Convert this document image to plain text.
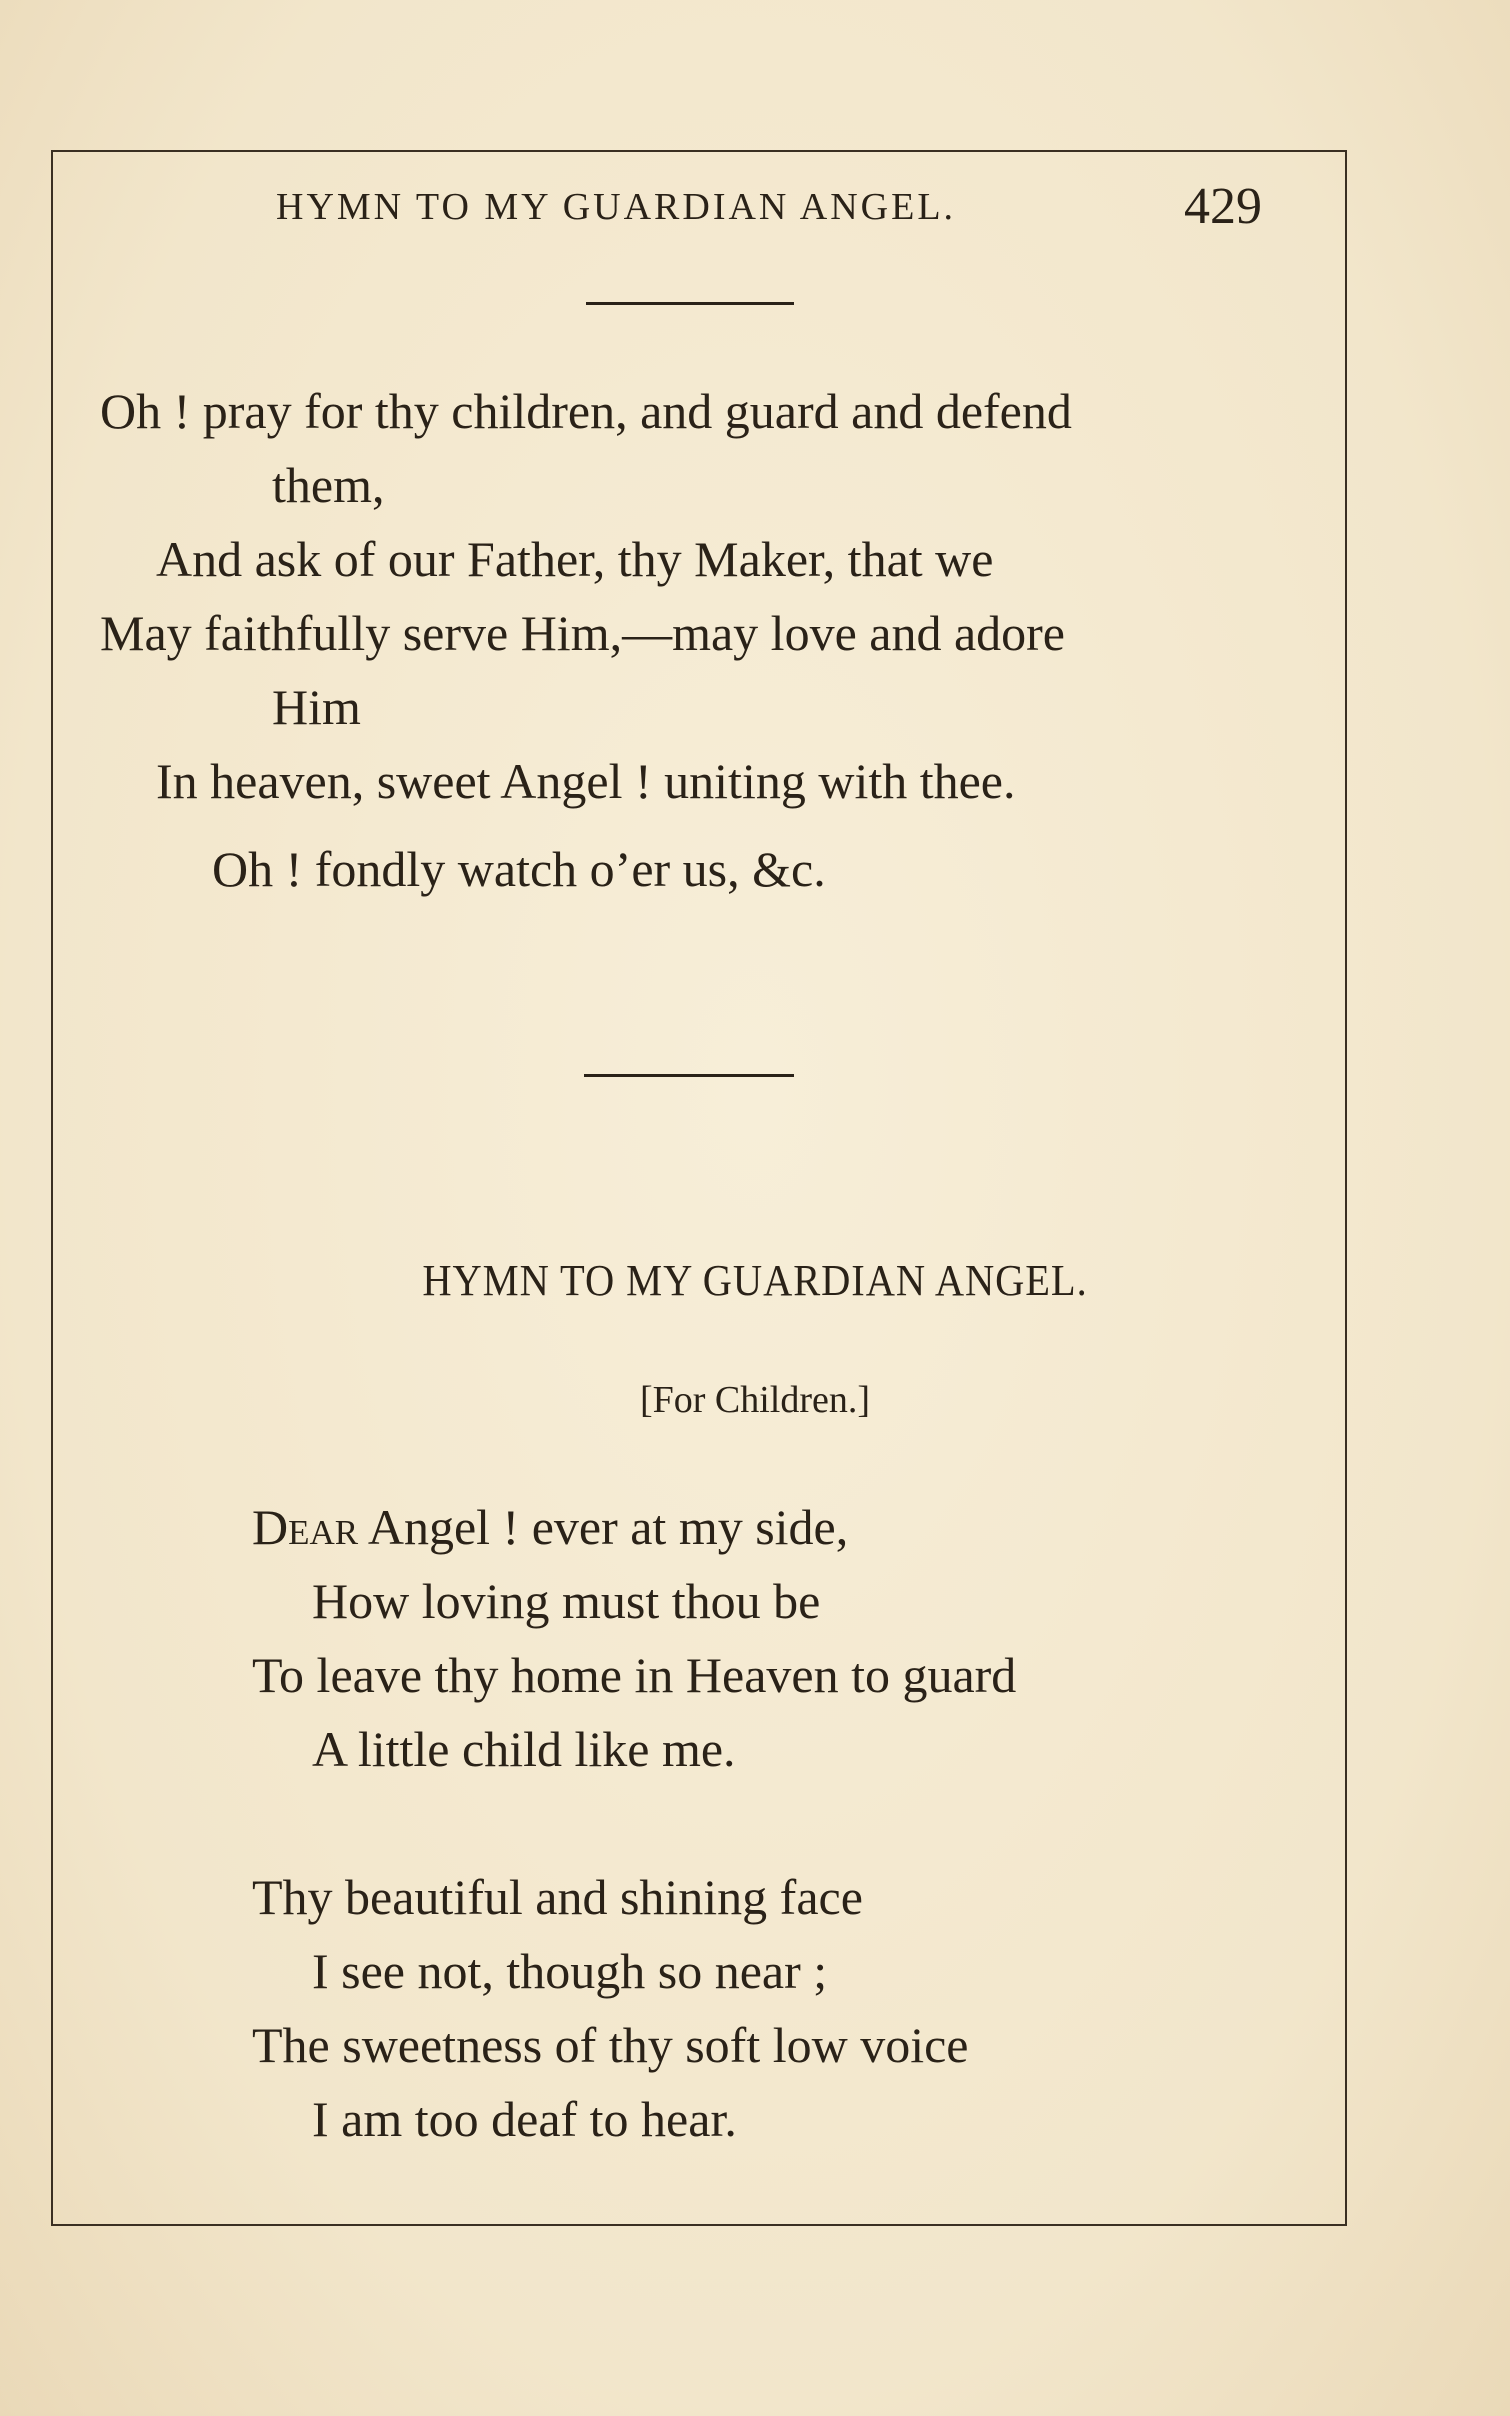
HYMN TO MY GUARDIAN ANGEL.	429
Oh ! pray for thy children, and guard and defend
them,
And ask of our Father, thy Maker, that we
May faithfully serve Him,—may love and adore
Him
In heaven, sweet Angel ! uniting with thee.
Oh ! fondly watch o’er us, &c.
HYMN TO MY GUARDIAN ANGEL.
[For Children.]
Dear Angel ! ever at my side,
How loving must thou be
To leave thy home in Heaven to guard
A little child like me.
Thy beautiful and shining face
I see not, though so near ;
The sweetness of thy soft low voice
I am too deaf to hear.
